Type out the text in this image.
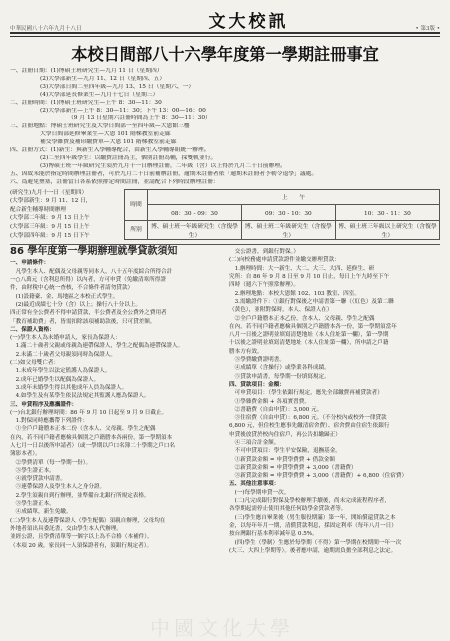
中華民國八十六年九月十八日	文大校訊	• 第3版 •
本校日間部八十六學年度第一學期註冊事宜
一、註冊日期：(1)博碩士班研究生—九月 11 日（星期四）
(2)大學部新生—九月 11、12 日（星期四、五）
(3)大學部日間二至四年級—九月 13、15 日（星期六、一）
(4)大學部延長修業生—九月十七日（星期三）
二、註冊時間：(1)博碩士班研究生—上午 8：30—11：30
(2)大學部新生—上午 8：30—11：30；下午 13：00—16：00
（9 月 13 日星期六註冊時間為上午 8：30—11：30）
三、註冊地點：博碩士班研究生及大學日間部一至四年級—大恩館三樓
大學日間部延修畢業生—大恩 101 階梯教室前走廊
補交學雜費及補印繳費單—大恩 101 階梯教室前走廊
四、註冊方式：(1)新生：與新生入學輔導配合，由新生入學輔導組統一辦理。
(2)二至四年級學生：以繳費註冊為主，個別註冊為輔，採雙軌並行。
(3)博碩士班一年級研究生須於九月十一日辦理註冊，二年級（含）以上得於九月二十日前辦理。
五、因故未能於指定時間辦理註冊者，可於九月二十日前補辦註冊，逾期未註冊者依「逾期未註冊者予勒令退學」議處。
六、爲避免壅塞，註冊當日各系依照排定時間註冊，並請配合下列時段辦理註冊：
(研究生)九月十一日（星期四）
(大學部新生：9 月 11、12 日，
配合新生輔導時間辦理
(大學部二年級：9 月 13 日上午
(大學部三年級：9 月 15 日上午
(大學部四年級：9 月 15 日下午
時間	上　　午		
	08：30 - 09：30	09：30 - 10：30	10：30 - 11：30
所別	博、碩士班一年級研究生（含復學生）	博、碩士班二年級研究生（含復學生）	博、碩士班三年級以上研究生（含復學生）
86 學年度第一學期辦理就學貸款須知
一、申請條件：
　凡學生本人、配偶及父母親等同本人，八十五年度綜合所得合計
一○八萬元（含利息所得）以內者，方可申貸（免繳清寒所得證
件，由財稅中心統一查核，不合條件者請勿貸款）
　(1)設籍臺、金、馬地區之本校正式學生。
　(2)最近成績七十分（含）以上；操行八十分以上。
四正常有全公費者不得申請貸款，半公費者及全公費外之費用者
「教育補助費」者，皆需扣除該項補助款後，只可貸差額。
二、保證人資格：
(一)學生本人為未婚申請人，家長為保證人：
　1.滿二十歲者父親或母親為連帶保證人，學生之配偶為連帶保證人。
　2.未滿二十歲者父母親須同時為保證人。
(二)如父母雙亡者：
　1.未成年學生以法定監護人為保證人。
　2.成年已婚學生以配偶為保證人。
　3.成年未婚學生得以其他成年人員為保證人。
　4.如學生及有某學生依民法規定其監護人應為保證人。
三、申貸程序及應攜證件：
(一)台北銀行辦理時間：86 年 9 月 10 日起至 9 月 9 日截止。
　1.對保同時應攜帶下列證件：
　①全戶戶籍謄本正本二份（含本人、父母親、學生之配偶
在內，若不同戶籍者應檢具個別之戶籍謄本各兩份，第一學期須本
人七月一日以後所申請者）（或一學期以戶口名簿二十學期之戶口名
簿影本者）。
　②學費清單（每一學期一份）。
　③學生證正本。
　④就學貸款申請書。
　⑤連帶保證人及學生本人之身分證。
　2.學生須親自到行辦理，並準備台北銀行所規定表格。
　③學生證正本。
　④成績單，新生免繳。
(二)學生本人及連帶保證人（學生配偶）須親自辦理，父母均在
外地者須出具委託書，交由學生本人代辦理。
並經公證，且學費清單等一個字以上為不合格（本補件）。
（本項 20 歲，家長同一人須保證者有，須銀行規定者）。
　交公證書，到銀行對保。）
(二)向校務處申請貸款證件並繳交辦理貸款：
　1.辦理時間：大一新生、大二、大三、大四、延修生、研
究所：自 86 年 9 月 8 日至 9 月 10 日止，每日上午九時至下午
四時（週六下午照常辦理）。
　2.辦理地點：本校大恩館 102、103 教室、四室。
　3.需繳證件下：①銀行對保後之申請書第一聯（（紅色）及第二聯
（黃色），並附對保時，本人、保證人在）
　②全戶戶籍謄本正本乙份，含本人、父母親、學生之配偶
在內，若不同戶籍者應檢具個別之戶籍謄本各一份，第一學期須當年
八月一日後之證明並填寫清楚地址（本人住址第一欄），第一學期
十以後之證明並填寫清楚地址（本人住址第一欄），所申請之戶籍
謄本方有效。
　③學費繳費證明書。
　④成績單（含操行）或學業各科成績。
　⑤貸款申請書，每學期一份填寫規定。
四、貸款項目：金額：
　可申貸項目：（學生依銀行規定，應先全部繳費再補貸款者）
　①學雜費金額 + 各項實習費。
　②書籍費（自由申貸）：3,000 元。
　③住宿費（自由申貸）：6,800 元。（不分校內或校外一律貸款
6,800 元，但住校生應事先繳清宿舍費）、宿舍費由住宿生依銀行
申貸後放貸於校內住宿戶，再公告扣繳歸正）
　④三項合計金額。
　不可申貸項目：學生平安保險，退撫基金。
　①新貸款金額 = 申貸學費費 + 借款金額
　②新貸款金額 = 申貸學費費 + 3,000（書籍費）
　③新貸款金額 = 申貸學費費 + 3,000（書籍費）+ 6,800（住宿費）
五、其他注意事項：
　(一)每學期申貸一次。
　(二)凡完成銀行對保及學校辦理手續後，尚未完成流程程序者，
各學期起需停止使用其他任何助學金貸款者等。
　(三)學生應自畢業後（男生服役期滿）第一年，開始償還貸款之本
金，以每年年月一期，清償貸款利息，採固定利率（每年八月一日）
按台灣銀行基本利率減年息 0.5%。
　(四)學生（學制）生應於每學期（不得）第一學期在校期間一年一次
(大三、大四上學期等）。後者應申請，逾期需負擔全部利息之法定。
中國文化大學
